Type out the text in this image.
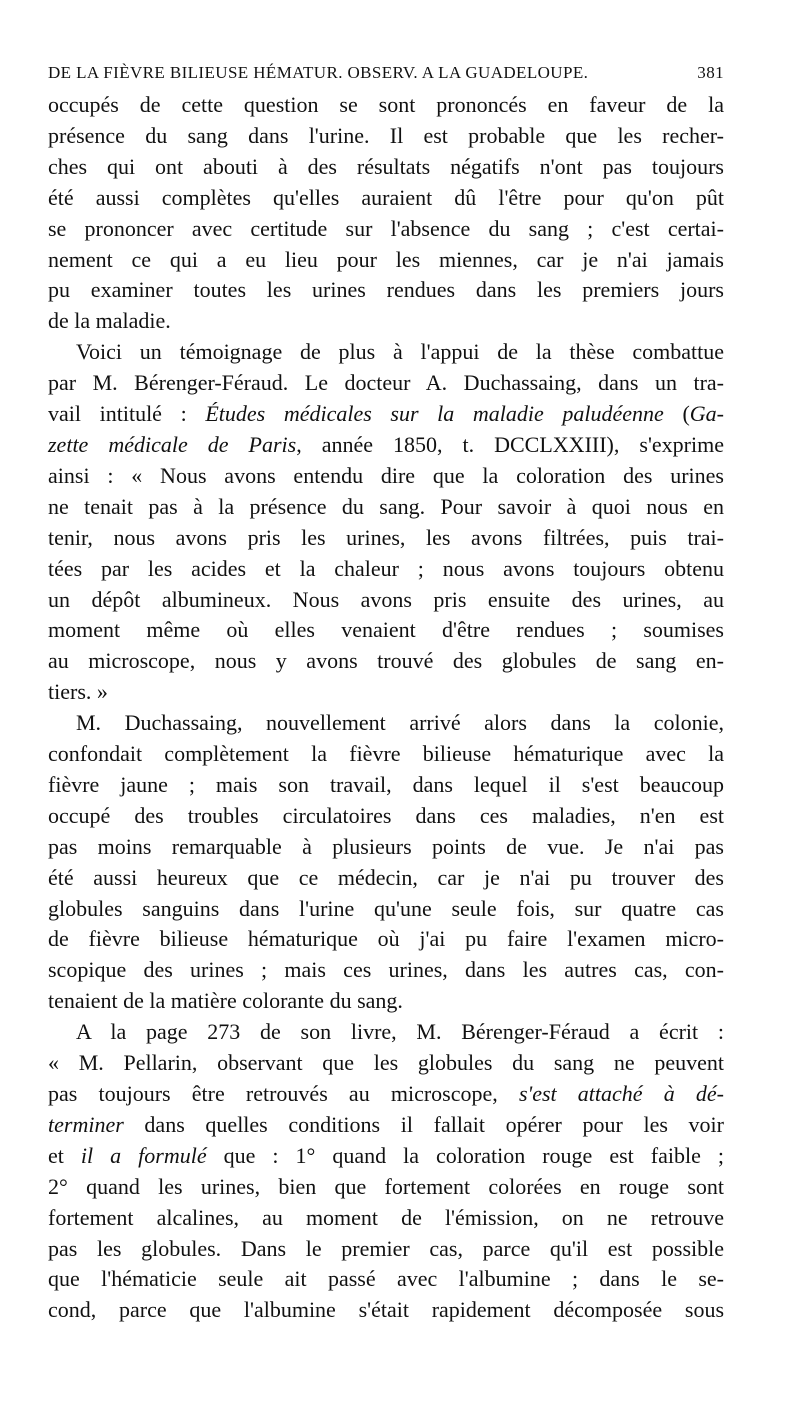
DE LA FIÈVRE BILIEUSE HÉMATUR. OBSERV. A LA GUADELOUPE.	381
occupés de cette question se sont prononcés en faveur de la
présence du sang dans l'urine. Il est probable que les recher-
ches qui ont abouti à des résultats négatifs n'ont pas toujours
été aussi complètes qu'elles auraient dû l'être pour qu'on pût
se prononcer avec certitude sur l'absence du sang ; c'est certai-
nement ce qui a eu lieu pour les miennes, car je n'ai jamais
pu examiner toutes les urines rendues dans les premiers jours
de la maladie.
Voici un témoignage de plus à l'appui de la thèse combattue
par M. Bérenger-Féraud. Le docteur A. Duchassaing, dans un tra-
vail intitulé : Études médicales sur la maladie paludéenne (Ga-
zette médicale de Paris, année 1850, t. DCCLXXIII), s'exprime
ainsi : « Nous avons entendu dire que la coloration des urines
ne tenait pas à la présence du sang. Pour savoir à quoi nous en
tenir, nous avons pris les urines, les avons filtrées, puis trai-
tées par les acides et la chaleur ; nous avons toujours obtenu
un dépôt albumineux. Nous avons pris ensuite des urines, au
moment même où elles venaient d'être rendues ; soumises
au microscope, nous y avons trouvé des globules de sang en-
tiers. »
M. Duchassaing, nouvellement arrivé alors dans la colonie,
confondait complètement la fièvre bilieuse hématurique avec la
fièvre jaune ; mais son travail, dans lequel il s'est beaucoup
occupé des troubles circulatoires dans ces maladies, n'en est
pas moins remarquable à plusieurs points de vue. Je n'ai pas
été aussi heureux que ce médecin, car je n'ai pu trouver des
globules sanguins dans l'urine qu'une seule fois, sur quatre cas
de fièvre bilieuse hématurique où j'ai pu faire l'examen micro-
scopique des urines ; mais ces urines, dans les autres cas, con-
tenaient de la matière colorante du sang.
A la page 273 de son livre, M. Bérenger-Féraud a écrit :
« M. Pellarin, observant que les globules du sang ne peuvent
pas toujours être retrouvés au microscope, s'est attaché à dé-
terminer dans quelles conditions il fallait opérer pour les voir
et il a formulé que : 1° quand la coloration rouge est faible ;
2° quand les urines, bien que fortement colorées en rouge sont
fortement alcalines, au moment de l'émission, on ne retrouve
pas les globules. Dans le premier cas, parce qu'il est possible
que l'hématicie seule ait passé avec l'albumine ; dans le se-
cond, parce que l'albumine s'était rapidement décomposée sous
